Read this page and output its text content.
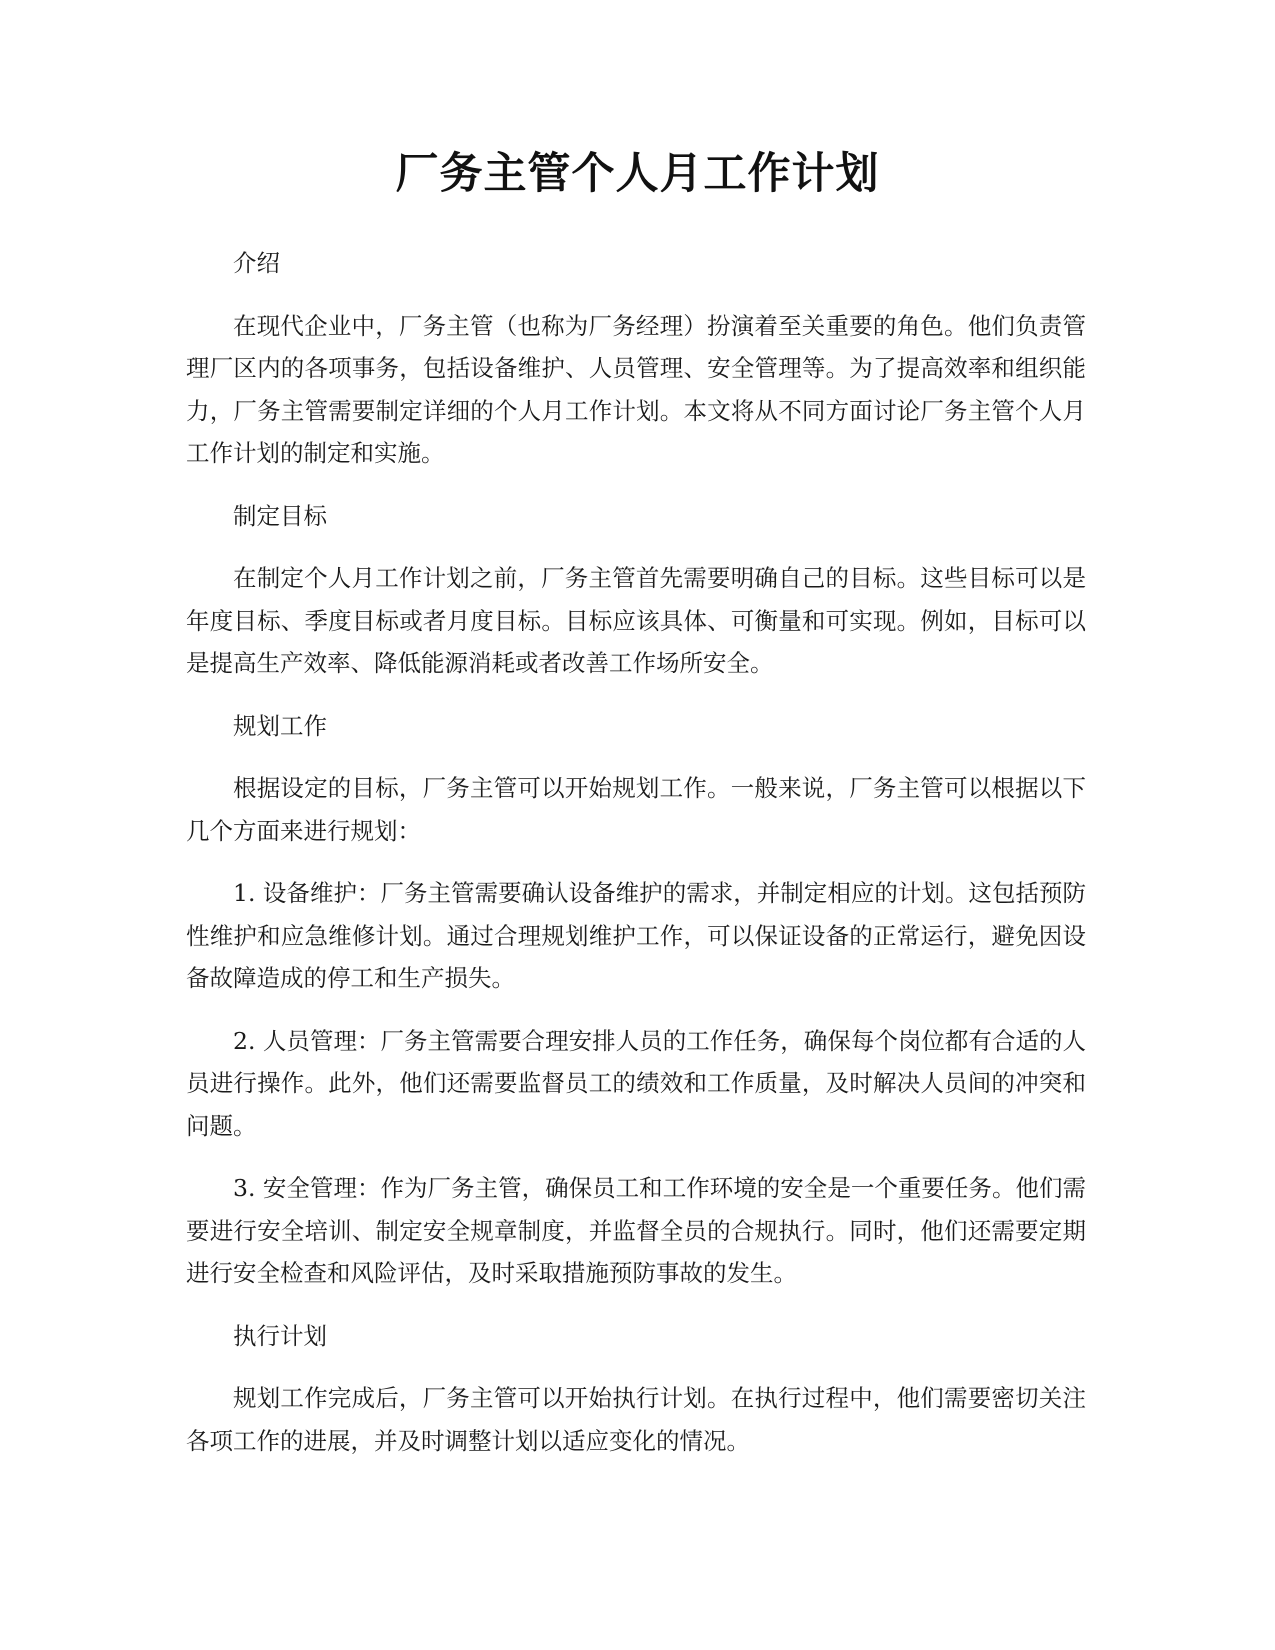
厂务主管个人月工作计划

介绍

在现代企业中，厂务主管（也称为厂务经理）扮演着至关重要的角色。他们负责管理厂区内的各项事务，包括设备维护、人员管理、安全管理等。为了提高效率和组织能力，厂务主管需要制定详细的个人月工作计划。本文将从不同方面讨论厂务主管个人月工作计划的制定和实施。

制定目标

在制定个人月工作计划之前，厂务主管首先需要明确自己的目标。这些目标可以是年度目标、季度目标或者月度目标。目标应该具体、可衡量和可实现。例如，目标可以是提高生产效率、降低能源消耗或者改善工作场所安全。

规划工作

根据设定的目标，厂务主管可以开始规划工作。一般来说，厂务主管可以根据以下几个方面来进行规划：

1. 设备维护：厂务主管需要确认设备维护的需求，并制定相应的计划。这包括预防性维护和应急维修计划。通过合理规划维护工作，可以保证设备的正常运行，避免因设备故障造成的停工和生产损失。

2. 人员管理：厂务主管需要合理安排人员的工作任务，确保每个岗位都有合适的人员进行操作。此外，他们还需要监督员工的绩效和工作质量，及时解决人员间的冲突和问题。

3. 安全管理：作为厂务主管，确保员工和工作环境的安全是一个重要任务。他们需要进行安全培训、制定安全规章制度，并监督全员的合规执行。同时，他们还需要定期进行安全检查和风险评估，及时采取措施预防事故的发生。

执行计划

规划工作完成后，厂务主管可以开始执行计划。在执行过程中，他们需要密切关注各项工作的进展，并及时调整计划以适应变化的情况。
